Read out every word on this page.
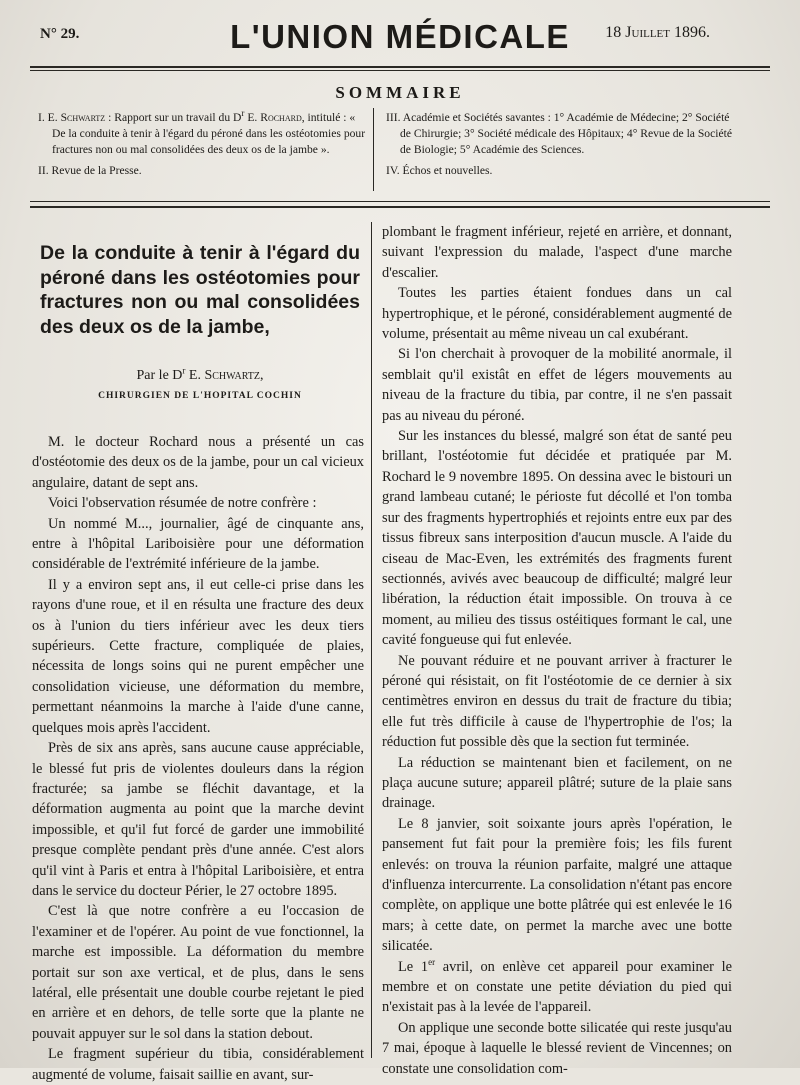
N° 29.	L'UNION MÉDICALE	18 Juillet 1896.
SOMMAIRE

I. E. Schwartz : Rapport sur un travail du $D^r$ E. Rochard, intitulé : « De la conduite à tenir à l'égard du péroné dans les ostéotomies pour fractures non ou mal consolidées des deux os de la jambe ».

II. Revue de la Presse.

III. Académie et Sociétés savantes : 1° Académie de Médecine; 2° Société de Chirurgie; 3° Société médicale des Hôpitaux; 4° Revue de la Société de Biologie; 5° Académie des Sciences.

IV. Échos et nouvelles.

De la conduite à tenir à l'égard du péroné dans les ostéotomies pour fractures non ou mal consolidées des deux os de la jambe,
Par le $D^r$ E. Schwartz,
CHIRURGIEN DE L'HOPITAL COCHIN

M. le docteur Rochard nous a présenté un cas d'ostéotomie des deux os de la jambe, pour un cal vicieux angulaire, datant de sept ans.

Voici l'observation résumée de notre confrère :

Un nommé M..., journalier, âgé de cinquante ans, entre à l'hôpital Lariboisière pour une déformation considérable de l'extrémité inférieure de la jambe.

Il y a environ sept ans, il eut celle-ci prise dans les rayons d'une roue, et il en résulta une fracture des deux os à l'union du tiers inférieur avec les deux tiers supérieurs. Cette fracture, compliquée de plaies, nécessita de longs soins qui ne purent empêcher une consolidation vicieuse, une déformation du membre, permettant néanmoins la marche à l'aide d'une canne, quelques mois après l'accident.

Près de six ans après, sans aucune cause appréciable, le blessé fut pris de violentes douleurs dans la région fracturée; sa jambe se fléchit davantage, et la déformation augmenta au point que la marche devint impossible, et qu'il fut forcé de garder une immobilité presque complète pendant près d'une année. C'est alors qu'il vint à Paris et entra à l'hôpital Lariboisière, et entra dans le service du docteur Périer, le 27 octobre 1895.

C'est là que notre confrère a eu l'occasion de l'examiner et de l'opérer. Au point de vue fonctionnel, la marche est impossible. La déformation du membre portait sur son axe vertical, et de plus, dans le sens latéral, elle présentait une double courbe rejetant le pied en arrière et en dehors, de telle sorte que la plante ne pouvait appuyer sur le sol dans la station debout.

Le fragment supérieur du tibia, considérablement augmenté de volume, faisait saillie en avant, sur-

plombant le fragment inférieur, rejeté en arrière, et donnant, suivant l'expression du malade, l'aspect d'une marche d'escalier.

Toutes les parties étaient fondues dans un cal hypertrophique, et le péroné, considérablement augmenté de volume, présentait au même niveau un cal exubérant.

Si l'on cherchait à provoquer de la mobilité anormale, il semblait qu'il existât en effet de légers mouvements au niveau de la fracture du tibia, par contre, il ne s'en passait pas au niveau du péroné.

Sur les instances du blessé, malgré son état de santé peu brillant, l'ostéotomie fut décidée et pratiquée par M. Rochard le 9 novembre 1895. On dessina avec le bistouri un grand lambeau cutané; le périoste fut décollé et l'on tomba sur des fragments hypertrophiés et rejoints entre eux par des tissus fibreux sans interposition d'aucun muscle. A l'aide du ciseau de Mac-Even, les extrémités des fragments furent sectionnés, avivés avec beaucoup de difficulté; malgré leur libération, la réduction était impossible. On trouva à ce moment, au milieu des tissus ostéitiques formant le cal, une cavité fongueuse qui fut enlevée.

Ne pouvant réduire et ne pouvant arriver à fracturer le péroné qui résistait, on fit l'ostéotomie de ce dernier à six centimètres environ en dessus du trait de fracture du tibia; elle fut très difficile à cause de l'hypertrophie de l'os; la réduction fut possible dès que la section fut terminée.

La réduction se maintenant bien et facilement, on ne plaça aucune suture; appareil plâtré; suture de la plaie sans drainage.

Le 8 janvier, soit soixante jours après l'opération, le pansement fut fait pour la première fois; les fils furent enlevés: on trouva la réunion parfaite, malgré une attaque d'influenza intercurrente. La consolidation n'étant pas encore complète, on applique une botte plâtrée qui est enlevée le 16 mars; à cette date, on permet la marche avec une botte silicatée.

Le 1er avril, on enlève cet appareil pour examiner le membre et on constate une petite déviation du pied qui n'existait pas à la levée de l'appareil.

On applique une seconde botte silicatée qui reste jusqu'au 7 mai, époque à laquelle le blessé revient de Vincennes; on constate une consolidation com-
